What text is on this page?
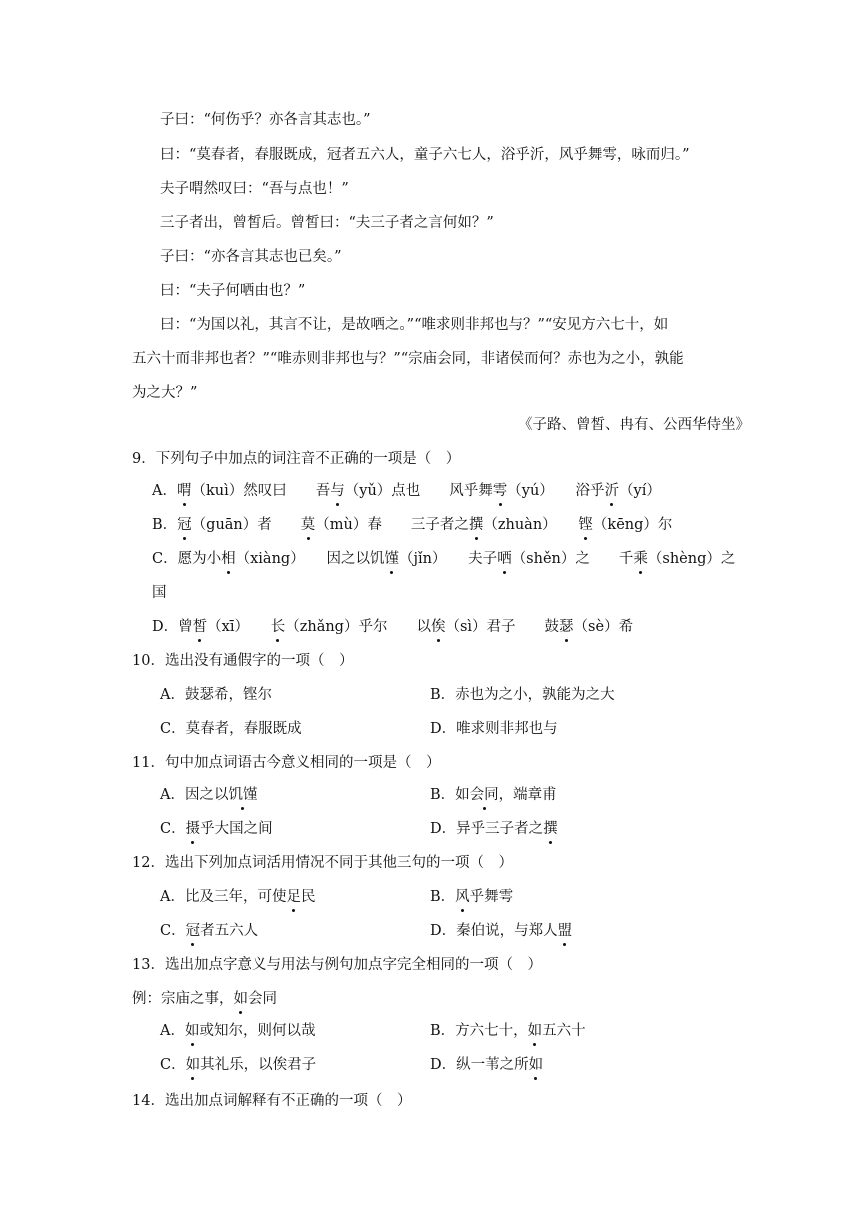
子曰：“何伤乎？亦各言其志也。”
曰：“莫春者，春服既成，冠者五六人，童子六七人，浴乎沂，风乎舞雩，咏而归。”
夫子喟然叹曰：“吾与点也！”
三子者出，曾皙后。曾皙曰：“夫三子者之言何如？”
子曰：“亦各言其志也已矣。”
曰：“夫子何哂由也？”
曰：“为国以礼，其言不让，是故哂之。”“唯求则非邦也与？”“安见方六七十，如
五六十而非邦也者？”“唯赤则非邦也与？”“宗庙会同，非诸侯而何？赤也为之小，孰能
为之大？”
《子路、曾皙、冉有、公西华侍坐》
9．下列句子中加点的词注音不正确的一项是（　）
A．喟（kuì）然叹曰　　吾与（yǔ）点也　　风乎舞雩（yú）　　浴乎沂（yí）
B．冠（guān）者　　莫（mù）春　　三子者之撰（zhuàn）　　铿（kēng）尔
C．愿为小相（xiàng）　　因之以饥馑（jǐn）　　夫子哂（shěn）之　　千乘（shèng）之
国
D．曾皙（xī）　　长（zhǎng）乎尔　　以俟（sì）君子　　鼓瑟（sè）希
10．选出没有通假字的一项（　）
A．鼓瑟希，铿尔	B．赤也为之小，孰能为之大
C．莫春者，春服既成	D．唯求则非邦也与
11．句中加点词语古今意义相同的一项是（　）
A．因之以饥馑	B．如会同，端章甫
C．摄乎大国之间	D．异乎三子者之撰
12．选出下列加点词活用情况不同于其他三句的一项（　）
A．比及三年，可使足民	B．风乎舞雩
C．冠者五六人	D．秦伯说，与郑人盟
13．选出加点字意义与用法与例句加点字完全相同的一项（　）
例：宗庙之事，如会同
A．如或知尔，则何以哉	B．方六七十，如五六十
C．如其礼乐，以俟君子	D．纵一苇之所如
14．选出加点词解释有不正确的一项（　）
